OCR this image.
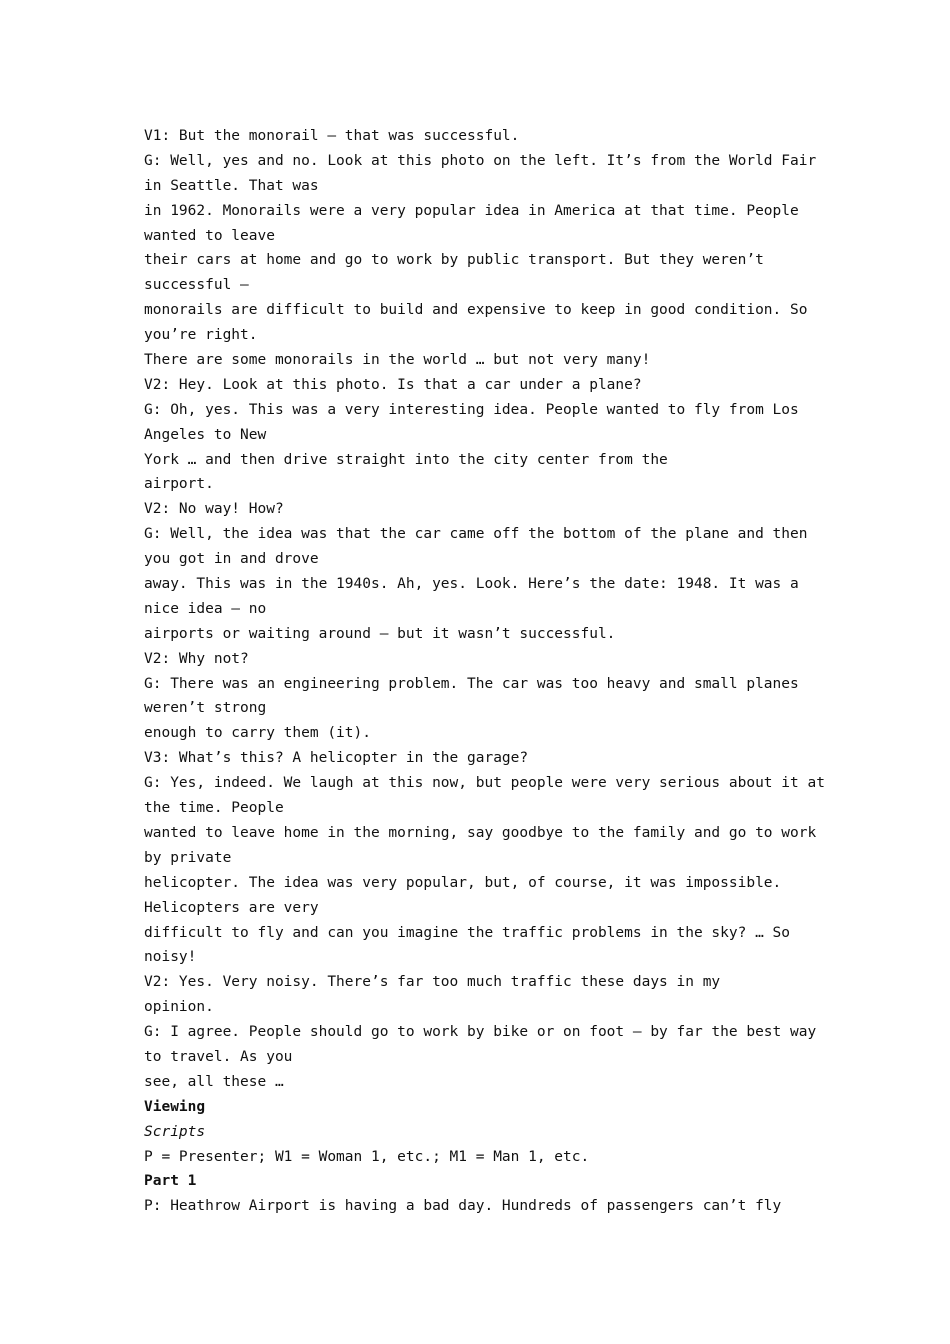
V1: But the monorail – that was successful.
G: Well, yes and no. Look at this photo on the left. It’s from the World Fair
in Seattle. That was
in 1962. Monorails were a very popular idea in America at that time. People
wanted to leave
their cars at home and go to work by public transport. But they weren’t
successful –
monorails are difficult to build and expensive to keep in good condition. So
you’re right.
There are some monorails in the world … but not very many!
V2: Hey. Look at this photo. Is that a car under a plane?
G: Oh, yes. This was a very interesting idea. People wanted to fly from Los
Angeles to New
York … and then drive straight into the city center from the
airport.
V2: No way! How?
G: Well, the idea was that the car came off the bottom of the plane and then
you got in and drove
away. This was in the 1940s. Ah, yes. Look. Here’s the date: 1948. It was a
nice idea – no
airports or waiting around – but it wasn’t successful.
V2: Why not?
G: There was an engineering problem. The car was too heavy and small planes
weren’t strong
enough to carry them (it).
V3: What’s this? A helicopter in the garage?
G: Yes, indeed. We laugh at this now, but people were very serious about it at
the time. People
wanted to leave home in the morning, say goodbye to the family and go to work
by private
helicopter. The idea was very popular, but, of course, it was impossible.
Helicopters are very
difficult to fly and can you imagine the traffic problems in the sky? … So
noisy!
V2: Yes. Very noisy. There’s far too much traffic these days in my
opinion.
G: I agree. People should go to work by bike or on foot – by far the best way
to travel. As you
see, all these …
Viewing
Scripts
P = Presenter; W1 = Woman 1, etc.; M1 = Man 1, etc.
Part 1
P: Heathrow Airport is having a bad day. Hundreds of passengers can’t fly
